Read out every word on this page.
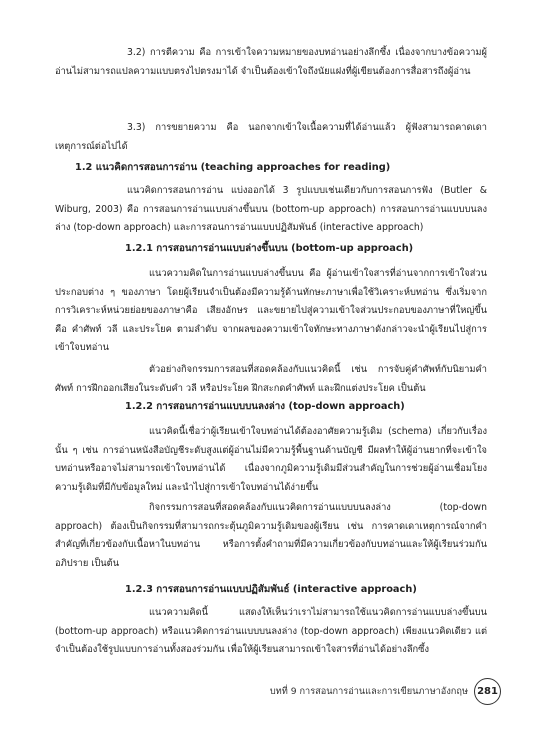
3.2) การตีความ คือ การเข้าใจความหมายของบทอ่านอย่างลึกซึ้ง เนื่องจากบางข้อความผู้อ่านไม่สามารถแปลความแบบตรงไปตรงมาได้ จำเป็นต้องเข้าใจถึงนัยแฝงที่ผู้เขียนต้องการสื่อสารถึงผู้อ่าน

3.3) การขยายความ คือ นอกจากเข้าใจเนื้อความที่ได้อ่านแล้ว ผู้ฟังสามารถคาดเดาเหตุการณ์ต่อไปได้

1.2 แนวคิดการสอนการอ่าน (teaching approaches for reading)

แนวคิดการสอนการอ่าน แบ่งออกได้ 3 รูปแบบเช่นเดียวกับการสอนการฟัง (Butler & Wiburg, 2003) คือ การสอนการอ่านแบบล่างขึ้นบน (bottom-up approach) การสอนการอ่านแบบบนลงล่าง (top-down approach) และการสอนการอ่านแบบปฏิสัมพันธ์ (interactive approach)

1.2.1 การสอนการอ่านแบบล่างขึ้นบน (bottom-up approach)

แนวความคิดในการอ่านแบบล่างขึ้นบน คือ ผู้อ่านเข้าใจสารที่อ่านจากการเข้าใจส่วนประกอบต่าง ๆ ของภาษา โดยผู้เรียนจำเป็นต้องมีความรู้ด้านทักษะภาษาเพื่อใช้วิเคราะห์บทอ่าน ซึ่งเริ่มจากการวิเคราะห์หน่วยย่อยของภาษาคือ เสียงอักษร และขยายไปสู่ความเข้าใจส่วนประกอบของภาษาที่ใหญ่ขึ้น คือ คำศัพท์ วลี และประโยค ตามลำดับ จากผลของความเข้าใจทักษะทางภาษาดังกล่าวจะนำผู้เรียนไปสู่การเข้าใจบทอ่าน

ตัวอย่างกิจกรรมการสอนที่สอดคล้องกับแนวคิดนี้ เช่น การจับคู่คำศัพท์กับนิยามคำศัพท์ การฝึกออกเสียงในระดับคำ วลี หรือประโยค ฝึกสะกดคำศัพท์ และฝึกแต่งประโยค เป็นต้น

1.2.2 การสอนการอ่านแบบบนลงล่าง (top-down approach)

แนวคิดนี้เชื่อว่าผู้เรียนเข้าใจบทอ่านได้ต้องอาศัยความรู้เดิม (schema) เกี่ยวกับเรื่องนั้น ๆ เช่น การอ่านหนังสือบัญชีระดับสูงแต่ผู้อ่านไม่มีความรู้พื้นฐานด้านบัญชี มีผลทำให้ผู้อ่านยากที่จะเข้าใจบทอ่านหรืออาจไม่สามารถเข้าใจบทอ่านได้ เนื่องจากภูมิความรู้เดิมมีส่วนสำคัญในการช่วยผู้อ่านเชื่อมโยงความรู้เดิมที่มีกับข้อมูลใหม่ และนำไปสู่การเข้าใจบทอ่านได้ง่ายขึ้น

กิจกรรมการสอนที่สอดคล้องกับแนวคิดการอ่านแบบบนลงล่าง (top-down approach) ต้องเป็นกิจกรรมที่สามารถกระตุ้นภูมิความรู้เดิมของผู้เรียน เช่น การคาดเดาเหตุการณ์จากคำสำคัญที่เกี่ยวข้องกับเนื้อหาในบทอ่าน หรือการตั้งคำถามที่มีความเกี่ยวข้องกับบทอ่านและให้ผู้เรียนร่วมกันอภิปราย เป็นต้น

1.2.3 การสอนการอ่านแบบปฏิสัมพันธ์ (interactive approach)

แนวความคิดนี้ แสดงให้เห็นว่าเราไม่สามารถใช้แนวคิดการอ่านแบบล่างขึ้นบน (bottom-up approach) หรือแนวคิดการอ่านแบบบนลงล่าง (top-down approach) เพียงแนวคิดเดียว แต่จำเป็นต้องใช้รูปแบบการอ่านทั้งสองร่วมกัน เพื่อให้ผู้เรียนสามารถเข้าใจสารที่อ่านได้อย่างลึกซึ้ง

บทที่ 9 การสอนการอ่านและการเขียนภาษาอังกฤษ 281
